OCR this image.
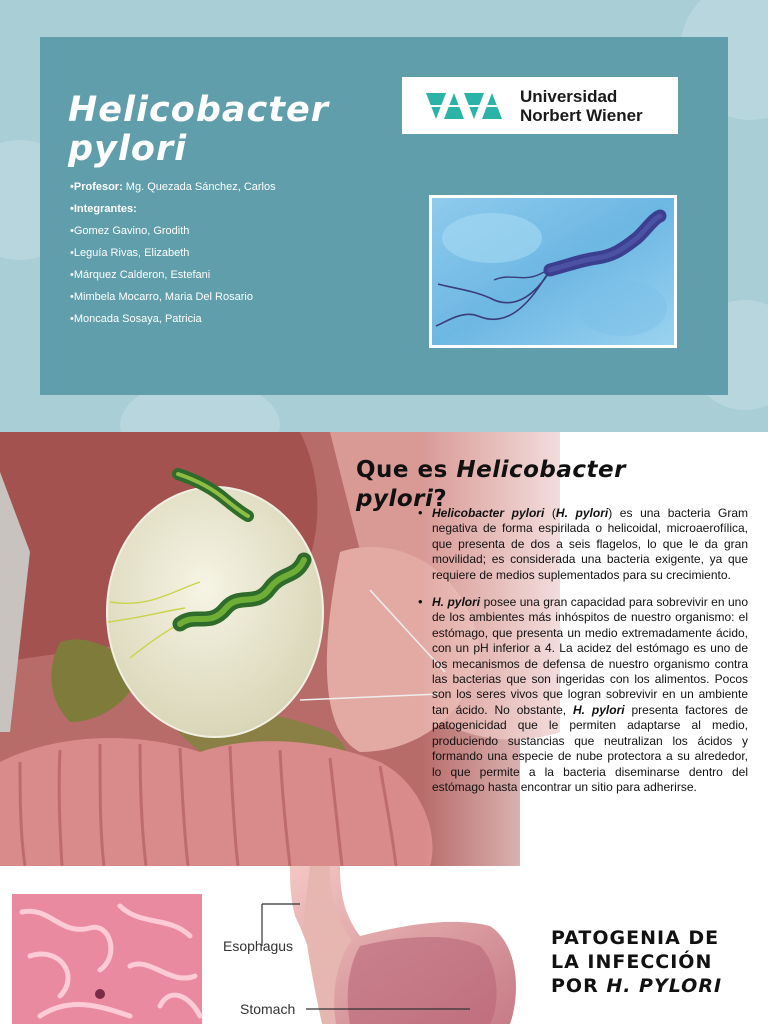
Helicobacter pylori
•Profesor: Mg. Quezada Sánchez, Carlos
•Integrantes:
•Gomez Gavino, Grodith
•Leguía Rivas, Elizabeth
•Márquez Calderon, Estefani
•Mimbela Mocarro, Maria Del Rosario
•Moncada Sosaya, Patricia
Universidad
Norbert Wiener
Que es Helicobacter pylori?
• Helicobacter pylori (H. pylori) es una bacteria Gram negativa de forma espirilada o helicoidal, microaerofílica, que presenta de dos a seis flagelos, lo que le da gran movilidad; es considerada una bacteria exigente, ya que requiere de medios suplementados para su crecimiento.
• H. pylori posee una gran capacidad para sobrevivir en uno de los ambientes más inhóspitos de nuestro organismo: el estómago, que presenta un medio extremadamente ácido, con un pH inferior a 4. La acidez del estómago es uno de los mecanismos de defensa de nuestro organismo contra las bacterias que son ingeridas con los alimentos. Pocos son los seres vivos que logran sobrevivir en un ambiente tan ácido. No obstante, H. pylori presenta factores de patogenicidad que le permiten adaptarse al medio, produciendo sustancias que neutralizan los ácidos y formando una especie de nube protectora a su alrededor, lo que permite a la bacteria diseminarse dentro del estómago hasta encontrar un sitio para adherirse.
Esophagus
Stomach
PATOGENIA DE LA INFECCIÓN POR H. PYLORI
